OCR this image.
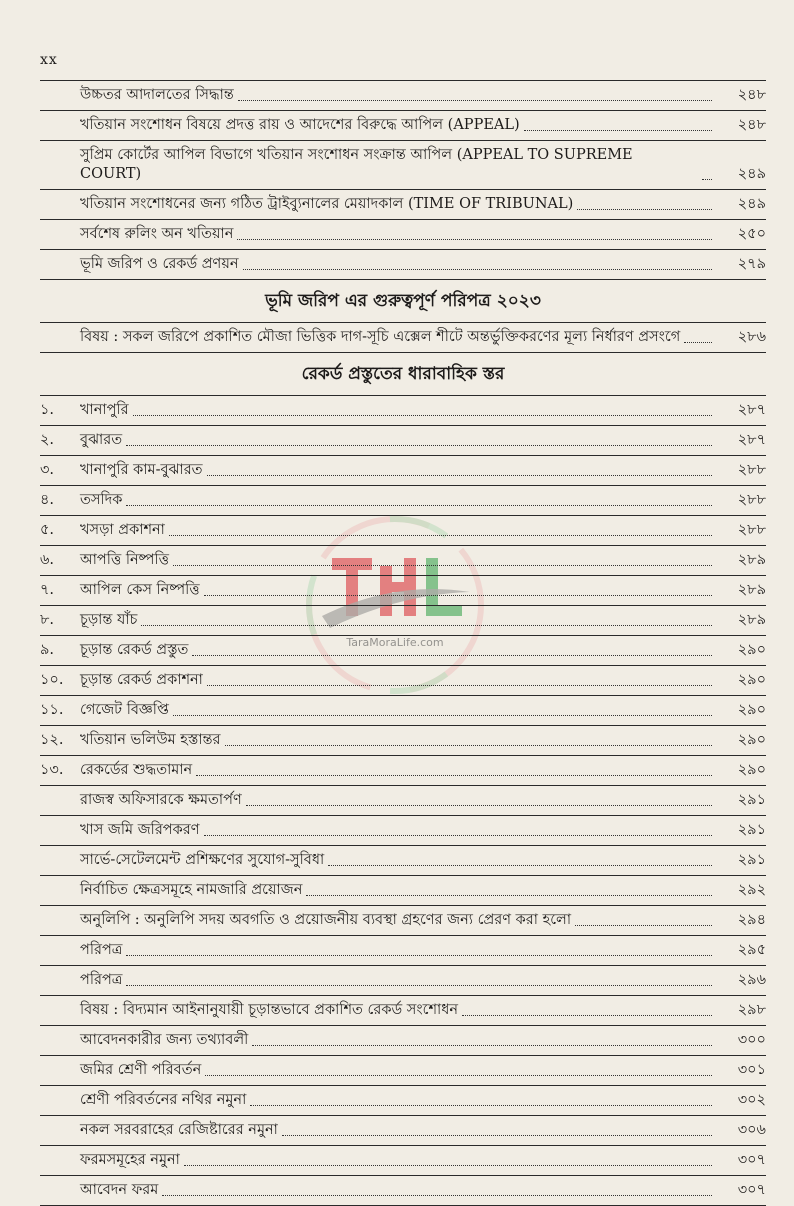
xx
TaraMoraLife.com
উচ্চতর আদালতের সিদ্ধান্ত	২৪৮
খতিয়ান সংশোধন বিষয়ে প্রদত্ত রায় ও আদেশের বিরুদ্ধে আপিল (APPEAL)	২৪৮
সুপ্রিম কোর্টের আপিল বিভাগে খতিয়ান সংশোধন সংক্রান্ত আপিল (APPEAL TO SUPREME COURT)	২৪৯
খতিয়ান সংশোধনের জন্য গঠিত ট্রাইব্যুনালের মেয়াদকাল (TIME OF TRIBUNAL)	২৪৯
সর্বশেষ রুলিং অন খতিয়ান	২৫০
ভূমি জরিপ ও রেকর্ড প্রণয়ন	২৭৯
ভূমি জরিপ এর গুরুত্বপূর্ণ পরিপত্র ২০২৩
বিষয় : সকল জরিপে প্রকাশিত মৌজা ভিত্তিক দাগ-সূচি এক্সেল শীটে অন্তর্ভুক্তিকরণের মূল্য নির্ধারণ প্রসংগে	২৮৬
রেকর্ড প্রস্তুতের ধারাবাহিক স্তর
১.	খানাপুরি	২৮৭
২.	বুঝারত	২৮৭
৩.	খানাপুরি কাম-বুঝারত	২৮৮
৪.	তসদিক	২৮৮
৫.	খসড়া প্রকাশনা	২৮৮
৬.	আপত্তি নিষ্পত্তি	২৮৯
৭.	আপিল কেস নিষ্পত্তি	২৮৯
৮.	চূড়ান্ত যাঁচ	২৮৯
৯.	চূড়ান্ত রেকর্ড প্রস্তুত	২৯০
১০.	চূড়ান্ত রেকর্ড প্রকাশনা	২৯০
১১.	গেজেট বিজ্ঞপ্তি	২৯০
১২.	খতিয়ান ভলিউম হস্তান্তর	২৯০
১৩.	রেকর্ডের শুদ্ধতামান	২৯০
রাজস্ব অফিসারকে ক্ষমতার্পণ	২৯১
খাস জমি জরিপকরণ	২৯১
সার্ভে-সেটেলমেন্ট প্রশিক্ষণের সুযোগ-সুবিধা	২৯১
নির্বাচিত ক্ষেত্রসমূহে নামজারি প্রয়োজন	২৯২
অনুলিপি : অনুলিপি সদয় অবগতি ও প্রয়োজনীয় ব্যবস্থা গ্রহণের জন্য প্রেরণ করা হলো	২৯৪
পরিপত্র	২৯৫
পরিপত্র	২৯৬
বিষয় : বিদ্যমান আইনানুযায়ী চূড়ান্তভাবে প্রকাশিত রেকর্ড সংশোধন	২৯৮
আবেদনকারীর জন্য তথ্যাবলী	৩০০
জমির শ্রেণী পরিবর্তন	৩০১
শ্রেণী পরিবর্তনের নথির নমুনা	৩০২
নকল সরবরাহের রেজিষ্টারের নমুনা	৩০৬
ফরমসমূহের নমুনা	৩০৭
আবেদন ফরম	৩০৭
